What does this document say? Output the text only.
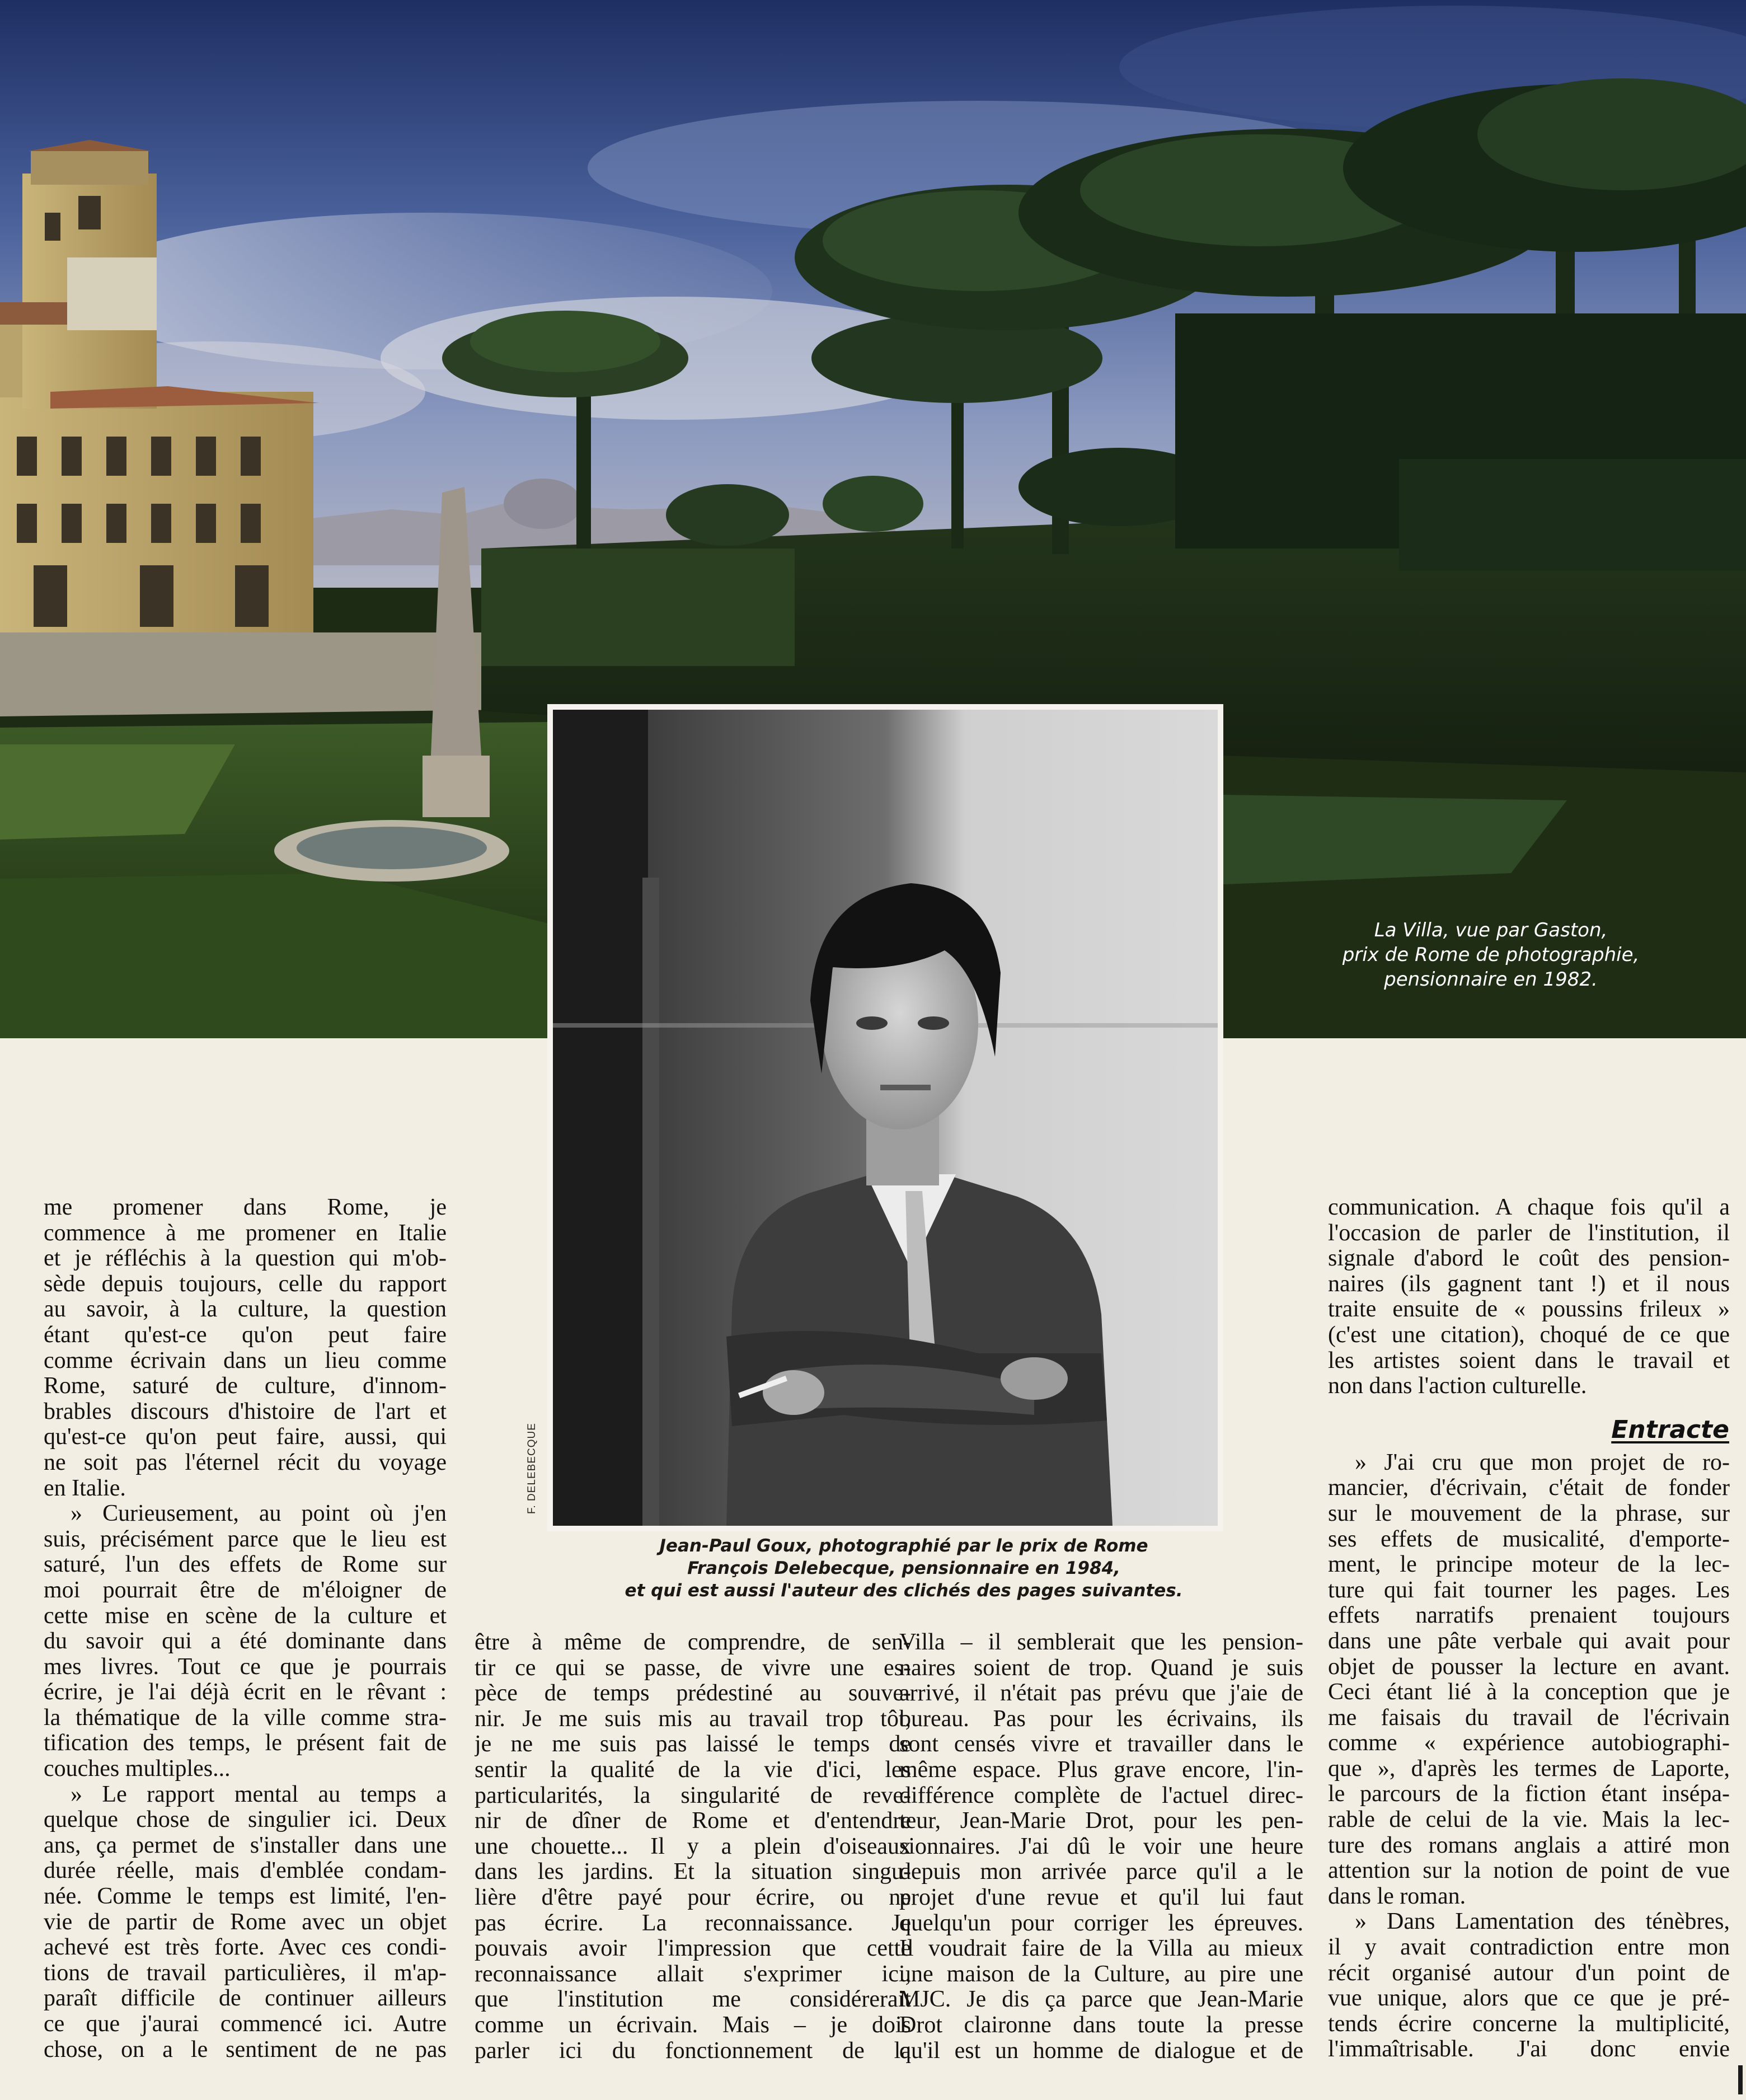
La Villa, vue par Gaston,
prix de Rome de photographie,
pensionnaire en 1982.
F. DELEBECQUE
Jean-Paul Goux, photographié par le prix de Rome
François Delebecque, pensionnaire en 1984,
et qui est aussi l'auteur des clichés des pages suivantes.
me promener dans Rome, je
commence à me promener en Italie
et je réfléchis à la question qui m'ob-
sède depuis toujours, celle du rapport
au savoir, à la culture, la question
étant qu'est-ce qu'on peut faire
comme écrivain dans un lieu comme
Rome, saturé de culture, d'innom-
brables discours d'histoire de l'art et
qu'est-ce qu'on peut faire, aussi, qui
ne soit pas l'éternel récit du voyage
en Italie.
» Curieusement, au point où j'en
suis, précisément parce que le lieu est
saturé, l'un des effets de Rome sur
moi pourrait être de m'éloigner de
cette mise en scène de la culture et
du savoir qui a été dominante dans
mes livres. Tout ce que je pourrais
écrire, je l'ai déjà écrit en le rêvant :
la thématique de la ville comme stra-
tification des temps, le présent fait de
couches multiples...
» Le rapport mental au temps a
quelque chose de singulier ici. Deux
ans, ça permet de s'installer dans une
durée réelle, mais d'emblée condam-
née. Comme le temps est limité, l'en-
vie de partir de Rome avec un objet
achevé est très forte. Avec ces condi-
tions de travail particulières, il m'ap-
paraît difficile de continuer ailleurs
ce que j'aurai commencé ici. Autre
chose, on a le sentiment de ne pas
être à même de comprendre, de sen-
tir ce qui se passe, de vivre une es-
pèce de temps prédestiné au souve-
nir. Je me suis mis au travail trop tôt,
je ne me suis pas laissé le temps de
sentir la qualité de la vie d'ici, les
particularités, la singularité de reve-
nir de dîner de Rome et d'entendre
une chouette... Il y a plein d'oiseaux
dans les jardins. Et la situation singu-
lière d'être payé pour écrire, ou ne
pas écrire. La reconnaissance. Je
pouvais avoir l'impression que cette
reconnaissance allait s'exprimer ici,
que l'institution me considérerait
comme un écrivain. Mais – je dois
parler ici du fonctionnement de la
Villa – il semblerait que les pension-
naires soient de trop. Quand je suis
arrivé, il n'était pas prévu que j'aie de
bureau. Pas pour les écrivains, ils
sont censés vivre et travailler dans le
même espace. Plus grave encore, l'in-
différence complète de l'actuel direc-
teur, Jean-Marie Drot, pour les pen-
sionnaires. J'ai dû le voir une heure
depuis mon arrivée parce qu'il a le
projet d'une revue et qu'il lui faut
quelqu'un pour corriger les épreuves.
Il voudrait faire de la Villa au mieux
une maison de la Culture, au pire une
MJC. Je dis ça parce que Jean-Marie
Drot claironne dans toute la presse
qu'il est un homme de dialogue et de
communication. A chaque fois qu'il a
l'occasion de parler de l'institution, il
signale d'abord le coût des pension-
naires (ils gagnent tant !) et il nous
traite ensuite de « poussins frileux »
(c'est une citation), choqué de ce que
les artistes soient dans le travail et
non dans l'action culturelle.
» J'ai cru que mon projet de ro-
mancier, d'écrivain, c'était de fonder
sur le mouvement de la phrase, sur
ses effets de musicalité, d'emporte-
ment, le principe moteur de la lec-
ture qui fait tourner les pages. Les
effets narratifs prenaient toujours
dans une pâte verbale qui avait pour
objet de pousser la lecture en avant.
Ceci étant lié à la conception que je
me faisais du travail de l'écrivain
comme « expérience autobiographi-
que », d'après les termes de Laporte,
le parcours de la fiction étant insépa-
rable de celui de la vie. Mais la lec-
ture des romans anglais a attiré mon
attention sur la notion de point de vue
dans le roman.
» Dans Lamentation des ténèbres,
il y avait contradiction entre mon
récit organisé autour d'un point de
vue unique, alors que ce que je pré-
tends écrire concerne la multiplicité,
l'immaîtrisable. J'ai donc envie
Entracte
